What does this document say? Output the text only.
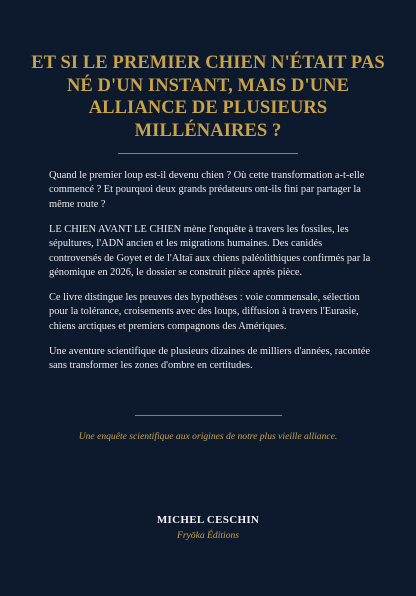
ET SI LE PREMIER CHIEN N'ÉTAIT PAS NÉ D'UN INSTANT, MAIS D'UNE ALLIANCE DE PLUSIEURS MILLÉNAIRES ?

Quand le premier loup est-il devenu chien ? Où cette transformation a-t-elle commencé ? Et pourquoi deux grands prédateurs ont-ils fini par partager la même route ?

LE CHIEN AVANT LE CHIEN mène l'enquête à travers les fossiles, les sépultures, l'ADN ancien et les migrations humaines. Des canidés controversés de Goyet et de l'Altaï aux chiens paléolithiques confirmés par la génomique en 2026, le dossier se construit pièce après pièce.

Ce livre distingue les preuves des hypothèses : voie commensale, sélection pour la tolérance, croisements avec des loups, diffusion à travers l'Eurasie, chiens arctiques et premiers compagnons des Amériques.

Une aventure scientifique de plusieurs dizaines de milliers d'années, racontée sans transformer les zones d'ombre en certitudes.

Une enquête scientifique aux origines de notre plus vieille alliance.

MICHEL CESCHIN

Fryōka Éditions
